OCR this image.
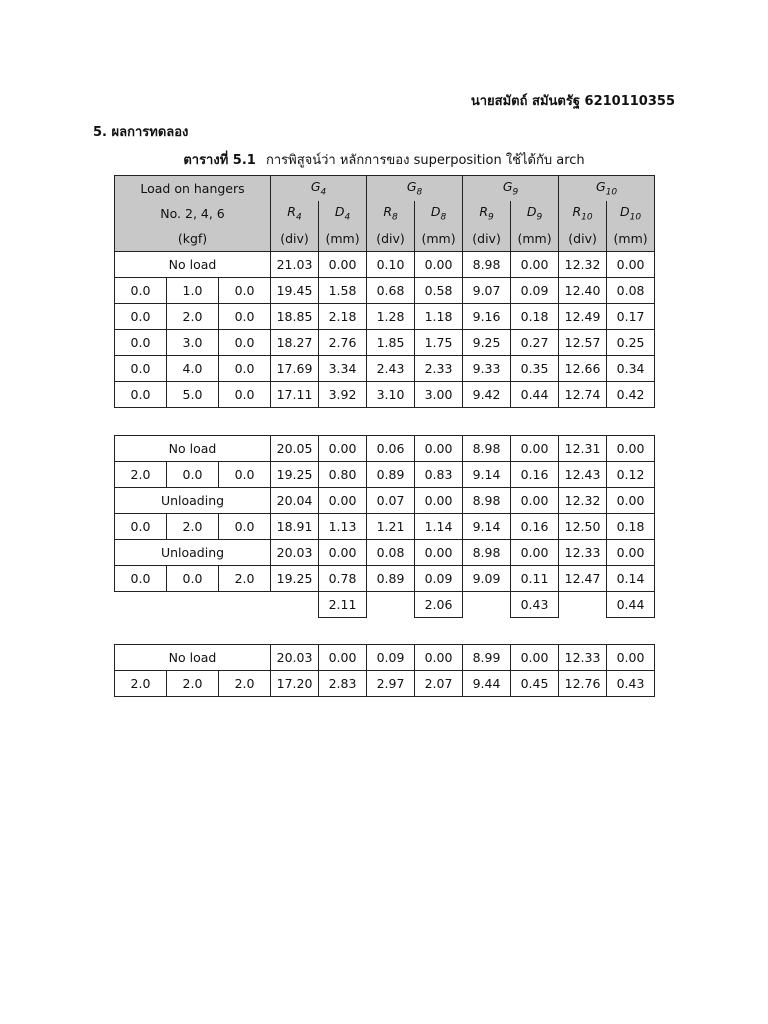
นายสมัตถ์ สมันตรัฐ 6210110355
5. ผลการทดลอง
ตารางที่ 5.1 การพิสูจน์ว่า หลักการของ superposition ใช้ได้กับ arch
Load on hangers			$G_4$		$G_8$		$G_9$		$G_{10}$
No. 2, 4, 6			$R_4$	$D_4$	$R_8$	$D_8$	$R_9$	$D_9$	$R_{10}$	$D_{10}$
(kgf)			(div)	(mm)	(div)	(mm)	(div)	(mm)	(div)	(mm)
No load			21.03	0.00	0.10	0.00	8.98	0.00	12.32	0.00
0.0	1.0	0.0	19.45	1.58	0.68	0.58	9.07	0.09	12.40	0.08
0.0	2.0	0.0	18.85	2.18	1.28	1.18	9.16	0.18	12.49	0.17
0.0	3.0	0.0	18.27	2.76	1.85	1.75	9.25	0.27	12.57	0.25
0.0	4.0	0.0	17.69	3.34	2.43	2.33	9.33	0.35	12.66	0.34
0.0	5.0	0.0	17.11	3.92	3.10	3.00	9.42	0.44	12.74	0.42
No load			20.05	0.00	0.06	0.00	8.98	0.00	12.31	0.00
2.0	0.0	0.0	19.25	0.80	0.89	0.83	9.14	0.16	12.43	0.12
Unloading			20.04	0.00	0.07	0.00	8.98	0.00	12.32	0.00
0.0	2.0	0.0	18.91	1.13	1.21	1.14	9.14	0.16	12.50	0.18
Unloading			20.03	0.00	0.08	0.00	8.98	0.00	12.33	0.00
0.0	0.0	2.0	19.25	0.78	0.89	0.09	9.09	0.11	12.47	0.14
				2.11		2.06		0.43		0.44
No load			20.03	0.00	0.09	0.00	8.99	0.00	12.33	0.00
2.0	2.0	2.0	17.20	2.83	2.97	2.07	9.44	0.45	12.76	0.43
